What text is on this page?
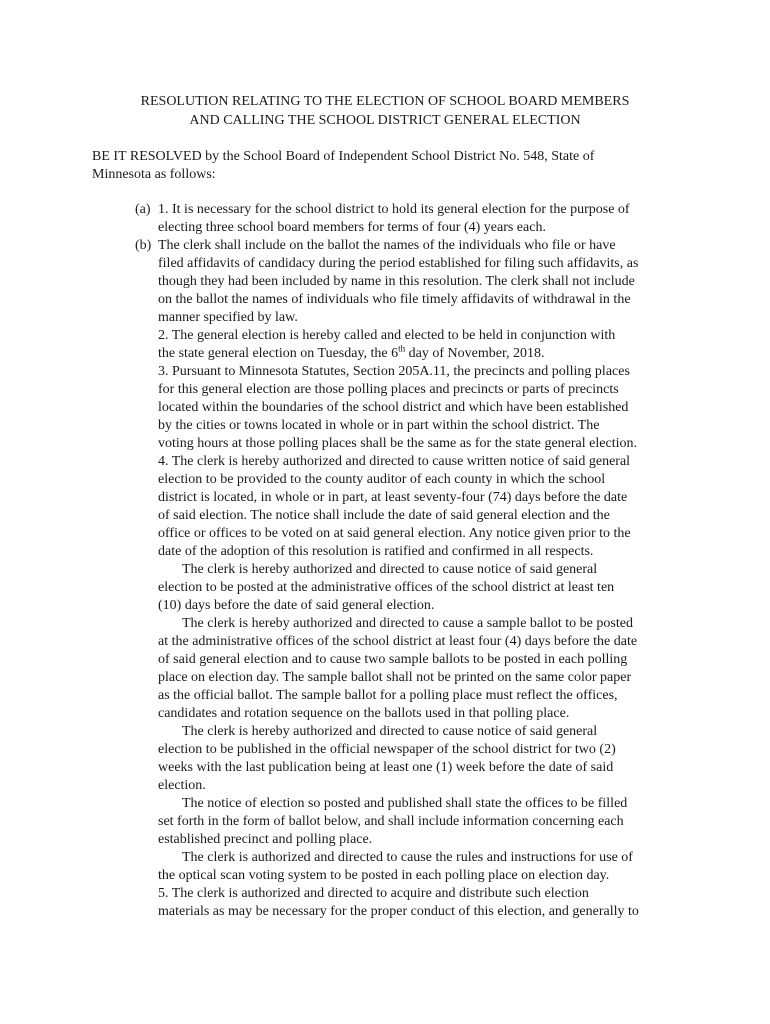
RESOLUTION RELATING TO THE ELECTION OF SCHOOL BOARD MEMBERS
AND CALLING THE SCHOOL DISTRICT GENERAL ELECTION
BE IT RESOLVED by the School Board of Independent School District No. 548, State of
Minnesota as follows:
(a) 1. It is necessary for the school district to hold its general election for the purpose of
electing three school board members for terms of four (4) years each.
(b) The clerk shall include on the ballot the names of the individuals who file or have
filed affidavits of candidacy during the period established for filing such affidavits, as
though they had been included by name in this resolution. The clerk shall not include
on the ballot the names of individuals who file timely affidavits of withdrawal in the
manner specified by law.
2. The general election is hereby called and elected to be held in conjunction with
the state general election on Tuesday, the 6th day of November, 2018.
3. Pursuant to Minnesota Statutes, Section 205A.11, the precincts and polling places
for this general election are those polling places and precincts or parts of precincts
located within the boundaries of the school district and which have been established
by the cities or towns located in whole or in part within the school district. The
voting hours at those polling places shall be the same as for the state general election.
4. The clerk is hereby authorized and directed to cause written notice of said general
election to be provided to the county auditor of each county in which the school
district is located, in whole or in part, at least seventy-four (74) days before the date
of said election. The notice shall include the date of said general election and the
office or offices to be voted on at said general election. Any notice given prior to the
date of the adoption of this resolution is ratified and confirmed in all respects.
The clerk is hereby authorized and directed to cause notice of said general
election to be posted at the administrative offices of the school district at least ten
(10) days before the date of said general election.
The clerk is hereby authorized and directed to cause a sample ballot to be posted
at the administrative offices of the school district at least four (4) days before the date
of said general election and to cause two sample ballots to be posted in each polling
place on election day. The sample ballot shall not be printed on the same color paper
as the official ballot. The sample ballot for a polling place must reflect the offices,
candidates and rotation sequence on the ballots used in that polling place.
The clerk is hereby authorized and directed to cause notice of said general
election to be published in the official newspaper of the school district for two (2)
weeks with the last publication being at least one (1) week before the date of said
election.
The notice of election so posted and published shall state the offices to be filled
set forth in the form of ballot below, and shall include information concerning each
established precinct and polling place.
The clerk is authorized and directed to cause the rules and instructions for use of
the optical scan voting system to be posted in each polling place on election day.
5. The clerk is authorized and directed to acquire and distribute such election
materials as may be necessary for the proper conduct of this election, and generally to
